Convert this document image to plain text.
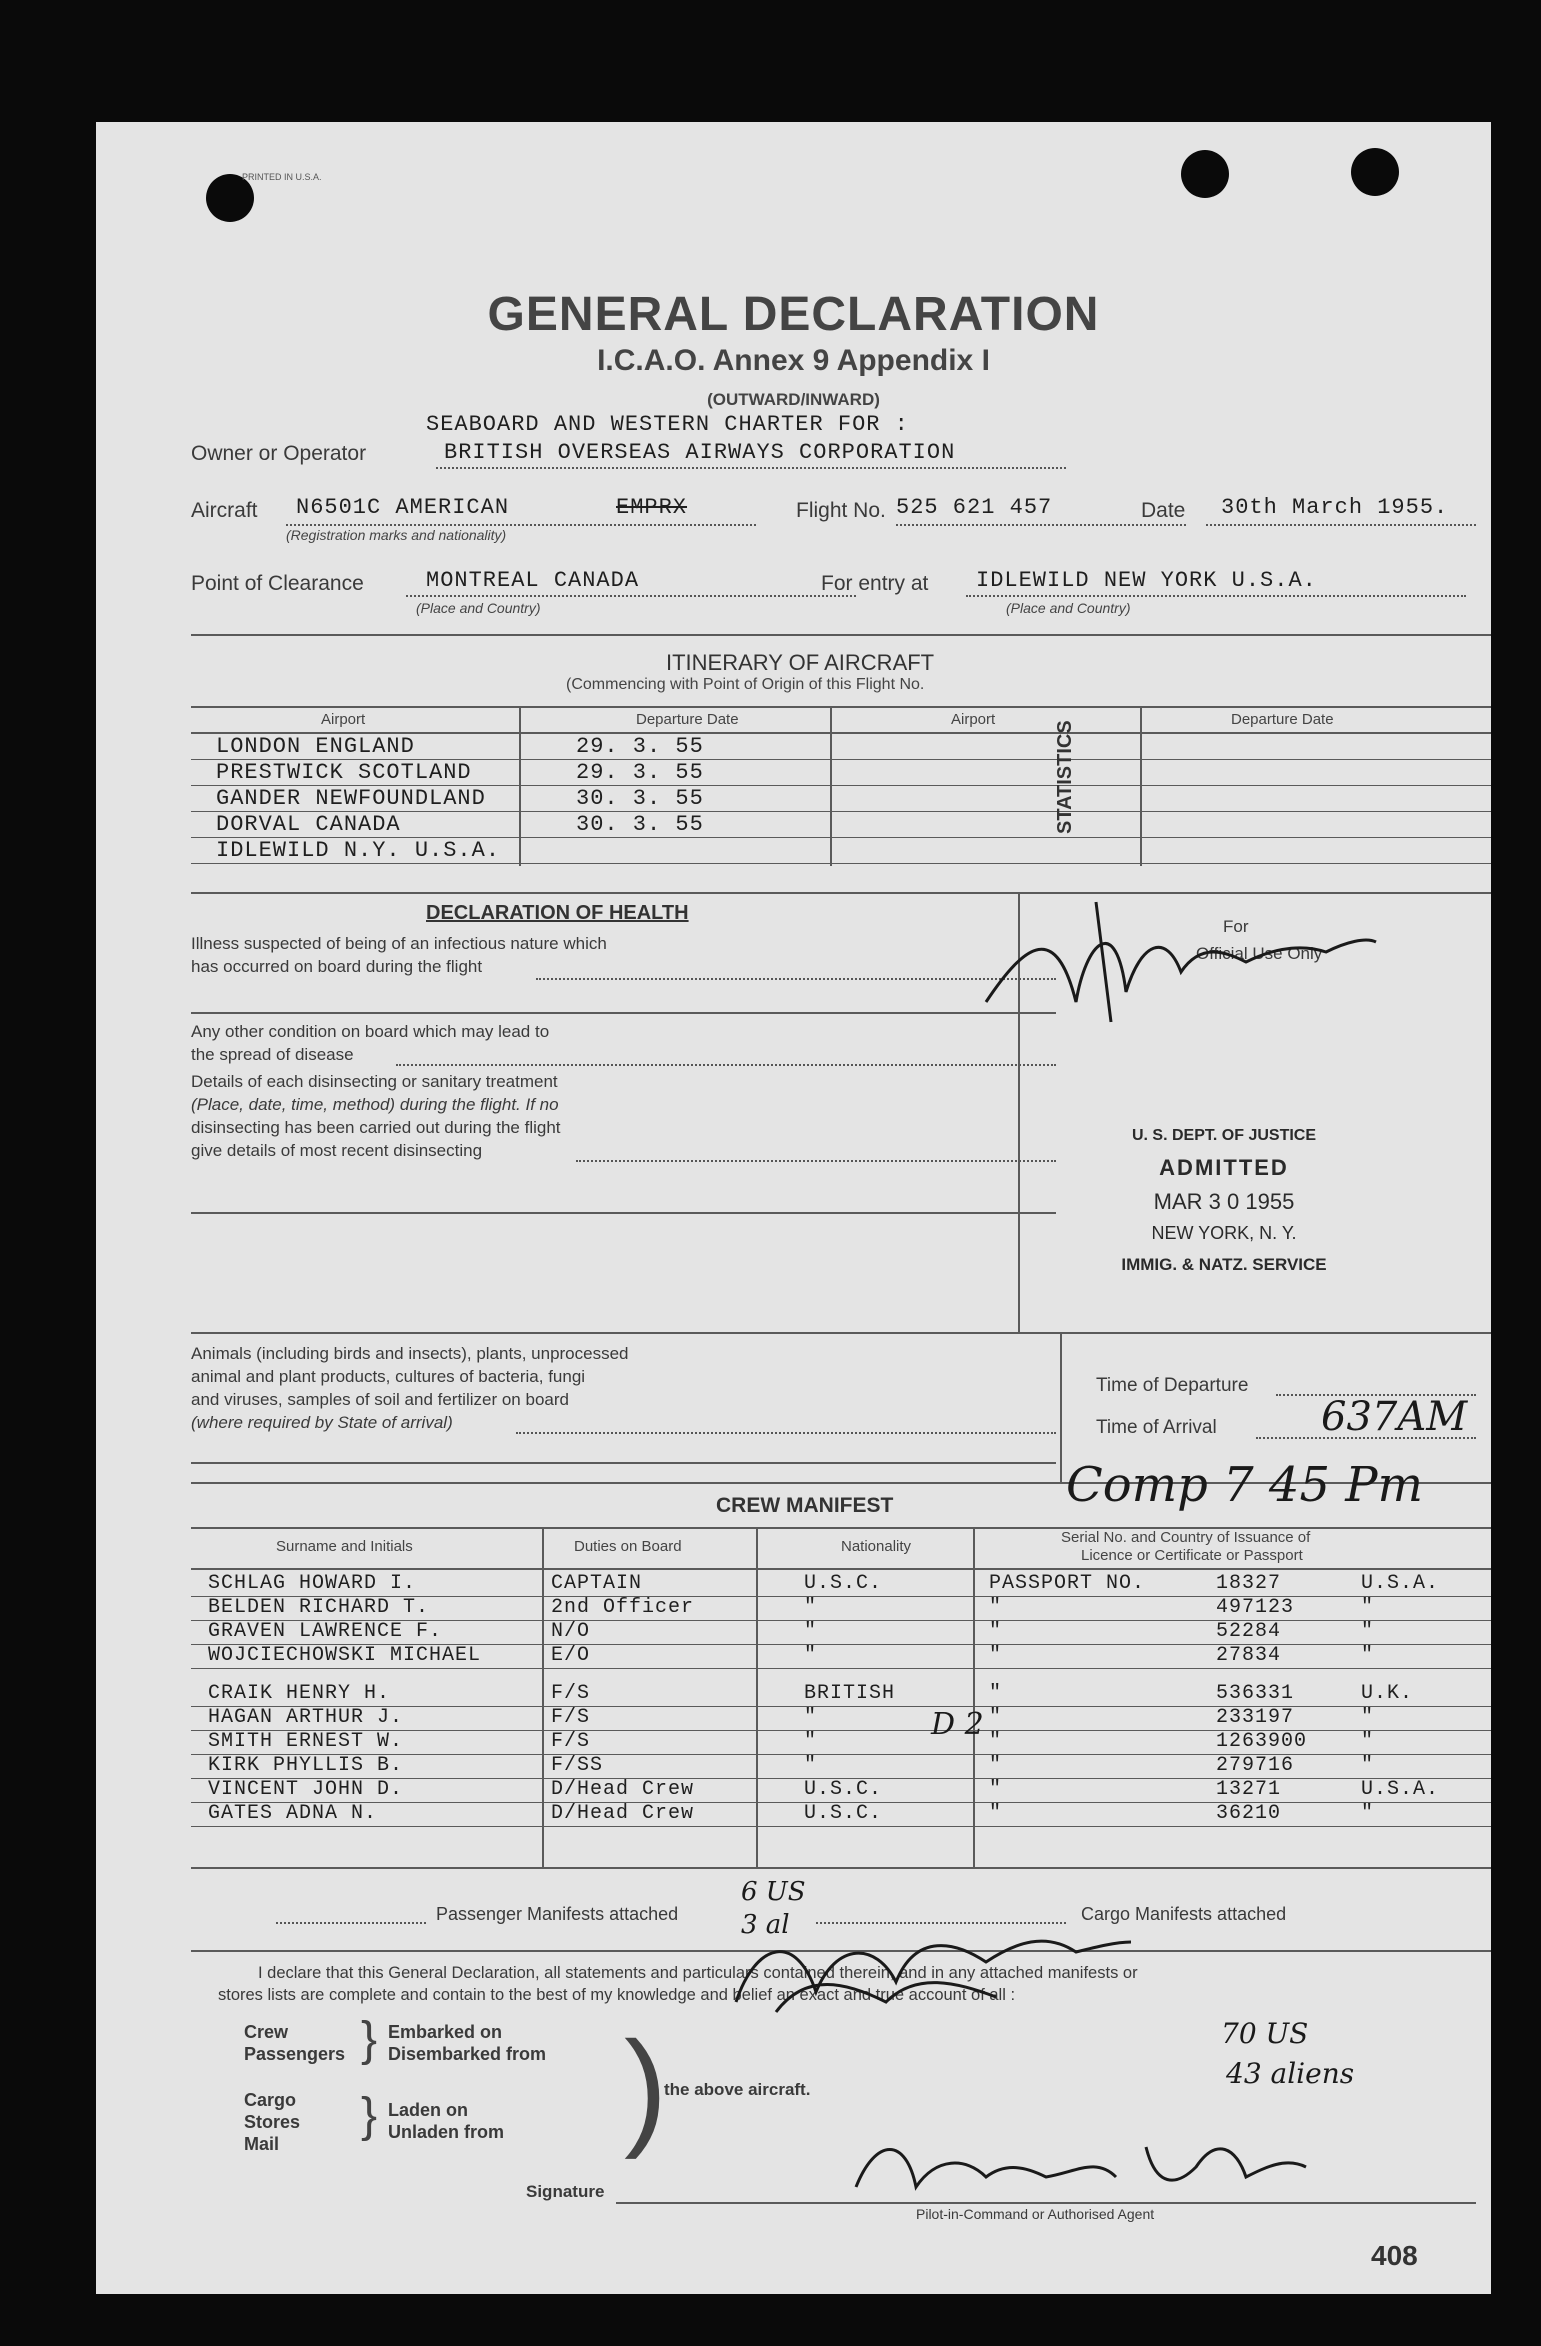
PRINTED IN U.S.A.
GENERAL DECLARATION
I.C.A.O. Annex 9 Appendix I
(OUTWARD/INWARD)
SEABOARD AND WESTERN CHARTER FOR :
Owner or Operator	BRITISH OVERSEAS AIRWAYS CORPORATION
Aircraft N6501C AMERICAN	EMPRX
(Registration marks and nationality)
Flight No. 525 621 457	Date 30th March 1955.
Point of Clearance	MONTREAL CANADA
(Place and Country)
For entry at IDLEWILD NEW YORK U.S.A.
(Place and Country)
ITINERARY OF AIRCRAFT
(Commencing with Point of Origin of this Flight No.
Airport	Departure Date	Airport	Departure Date
LONDON ENGLAND	29. 3. 55
PRESTWICK SCOTLAND	29. 3. 55
GANDER NEWFOUNDLAND	30. 3. 55
DORVAL CANADA	30. 3. 55
IDLEWILD N.Y. U.S.A.
STATISTICS
DECLARATION OF HEALTH
Illness suspected of being of an infectious nature which
has occurred on board during the flight
Any other condition on board which may lead to
the spread of disease
Details of each disinsecting or sanitary treatment
(Place, date, time, method) during the flight. If no
disinsecting has been carried out during the flight
give details of most recent disinsecting
For
Official Use Only
U. S. DEPT. OF JUSTICE
ADMITTED
MAR 3 0 1955
NEW YORK, N. Y.
IMMIG. & NATZ. SERVICE
Animals (including birds and insects), plants, unprocessed
animal and plant products, cultures of bacteria, fungi
and viruses, samples of soil and fertilizer on board
(where required by State of arrival)
Time of Departure
Time of Arrival	637AM
Comp 7 45 Pm
CREW MANIFEST
Surname and Initials	Duties on Board	Nationality
Serial No. and Country of Issuance of
Licence or Certificate or Passport
SCHLAG HOWARD I.	CAPTAIN	U.S.C.	PASSPORT NO.	18327	U.S.A.
BELDEN RICHARD T.	2nd Officer	"	"	497123	"
GRAVEN LAWRENCE F.	N/O	"	"	52284	"
WOJCIECHOWSKI MICHAEL	E/O	"	"	27834	"
CRAIK HENRY H.	F/S	BRITISH	"	536331	U.K.
HAGAN ARTHUR J.	F/S	"	"	233197	"
SMITH ERNEST W.	F/S	"	"	1263900	"
KIRK PHYLLIS B.	F/SS	"	"	279716	"
VINCENT JOHN D.	D/Head Crew	U.S.C.	"	13271	U.S.A.
GATES ADNA N.	D/Head Crew	U.S.C.	"	36210	"
D 2
Passenger Manifests attached
6 US
3 al	Cargo Manifests attached
I declare that this General Declaration, all statements and particulars contained therein, and in any attached manifests or
stores lists are complete and contain to the best of my knowledge and belief an exact and true account of all :
Crew
Passengers } Embarked on
Disembarked from
Cargo
Stores
Mail
} Laden on
Unladen from )
the above aircraft.
70 US
43 aliens
Signature
Pilot-in-Command or Authorised Agent
408
